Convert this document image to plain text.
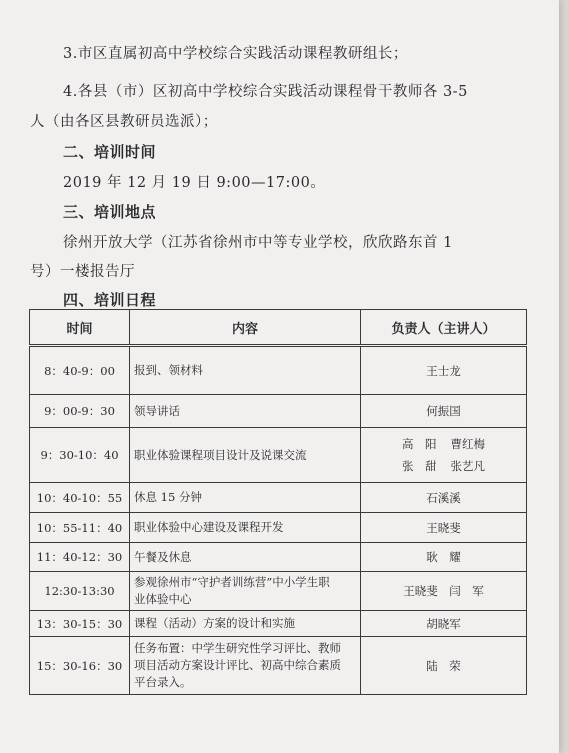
3.市区直属初高中学校综合实践活动课程教研组长；
4.各县（市）区初高中学校综合实践活动课程骨干教师各 3-5
人（由各区县教研员选派）；
二、培训时间
2019 年 12 月 19 日 9:00—17:00。
三、培训地点
徐州开放大学（江苏省徐州市中等专业学校，欣欣路东首 1
号）一楼报告厅
四、培训日程
时间	内容	负责人（主讲人）
8：40-9：00	报到、领材料	王士龙
9：00-9：30	领导讲话	何振国
9：30-10：40	职业体验课程项目设计及说课交流	高　阳 曹红梅
张　甜 张艺凡

10：40-10：55	休息 15 分钟	石溪溪
10：55-11：40	职业体验中心建设及课程开发	王晓斐
11：40-12：30	午餐及休息	耿　耀
12:30-13:30	参观徐州市“守护者训练营”中小学生职
业体验中心	王晓斐　闫　军
13：30-15：30	课程（活动）方案的设计和实施	胡晓军
15：30-16：30	任务布置：中学生研究性学习评比、教师
项目活动方案设计评比、初高中综合素质
平台录入。	陆　荣
